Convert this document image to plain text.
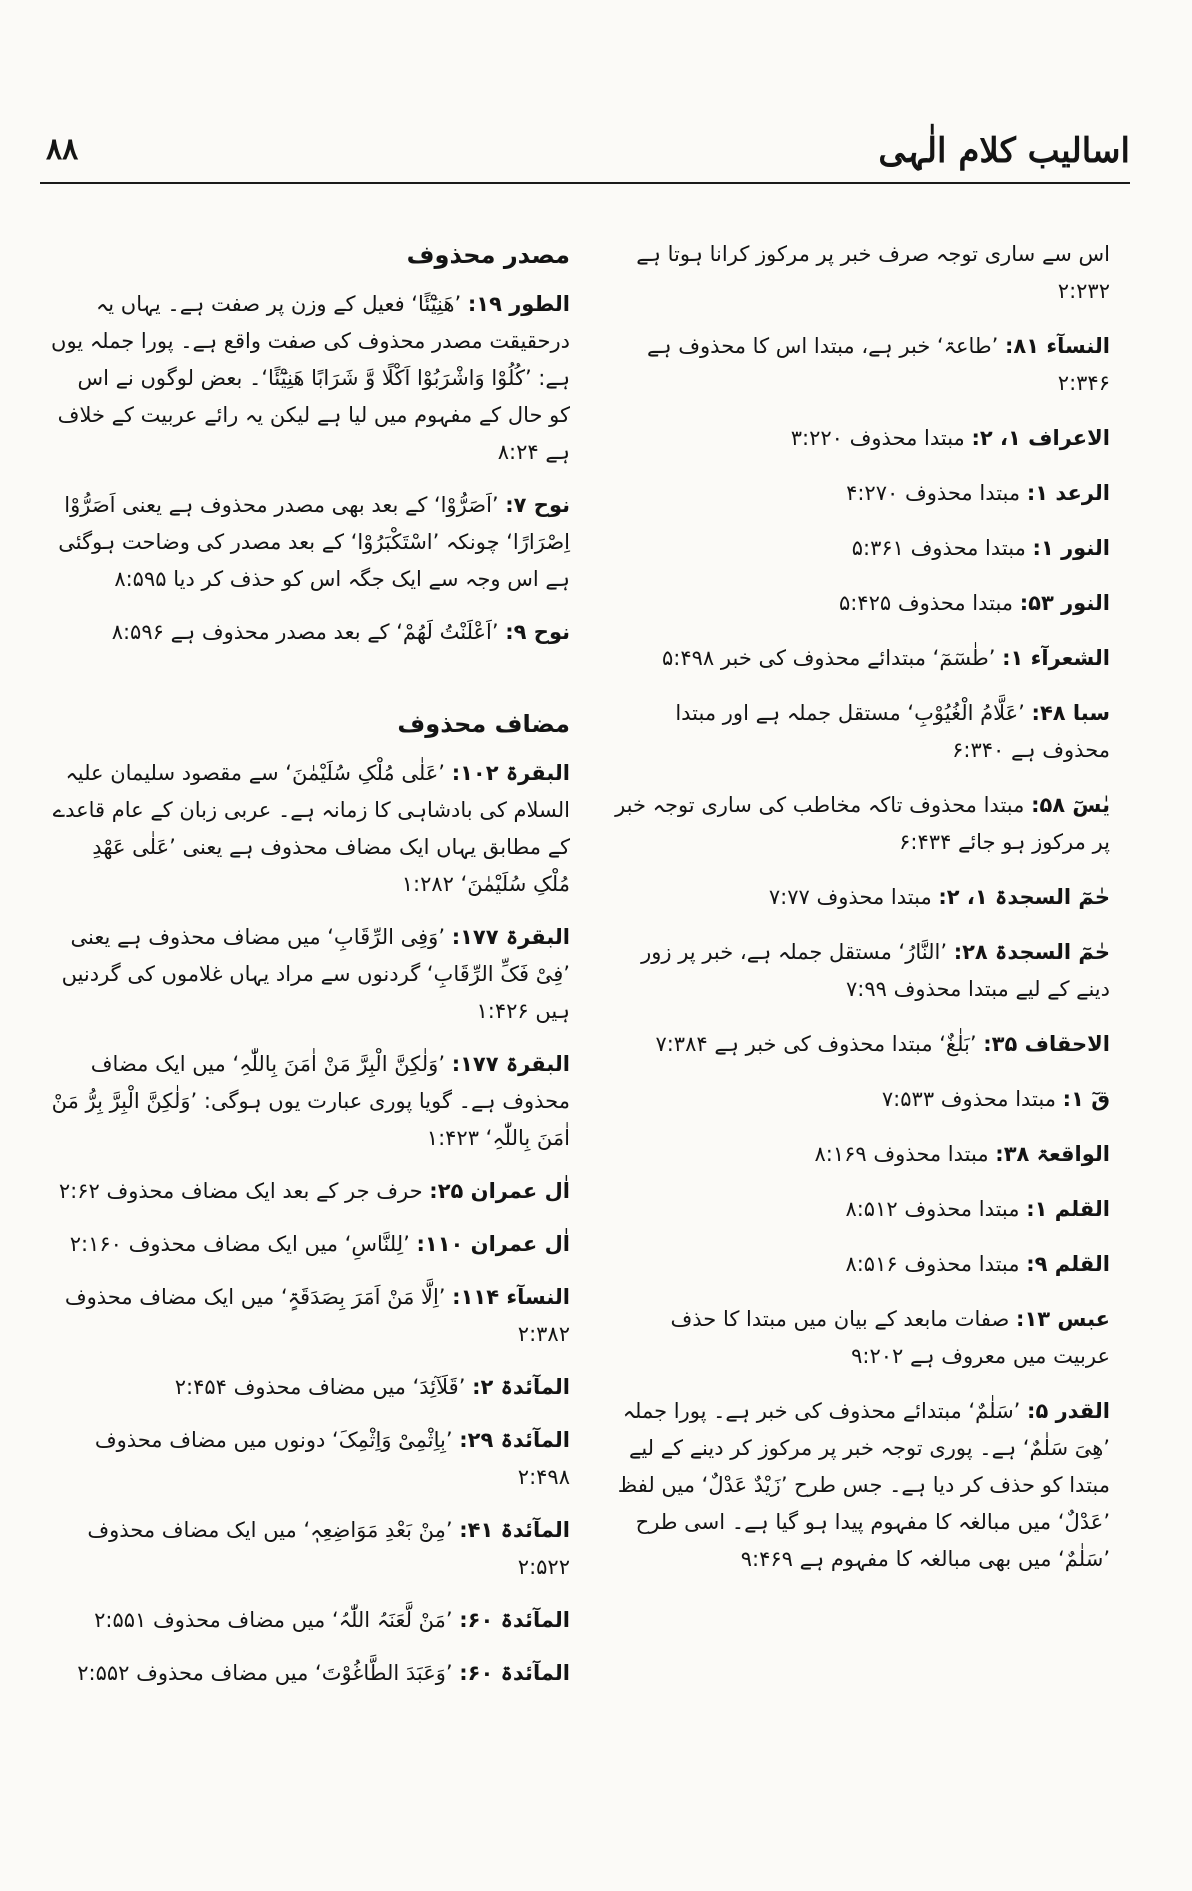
اسالیب کلام الٰہی
۸۸

اس سے ساری توجہ صرف خبر پر مرکوز کرانا ہوتا ہے ۲:۲۳۲

النسآء ۸۱: ’طاعۃ‘ خبر ہے، مبتدا اس کا محذوف ہے ۲:۳۴۶

الاعراف ۱، ۲: مبتدا محذوف ۳:۲۲۰

الرعد ۱: مبتدا محذوف ۴:۲۷۰

النور ۱: مبتدا محذوف ۵:۳۶۱

النور ۵۳: مبتدا محذوف ۵:۴۲۵

الشعرآء ۱: ’طٰسٓمٓ‘ مبتدائے محذوف کی خبر ۵:۴۹۸

سبا ۴۸: ’عَلَّامُ الْغُیُوْبِ‘ مستقل جملہ ہے اور مبتدا محذوف ہے ۶:۳۴۰

یٰسٓ ۵۸: مبتدا محذوف تاکہ مخاطب کی ساری توجہ خبر پر مرکوز ہو جائے ۶:۴۳۴

حٰمٓ السجدۃ ۱، ۲: مبتدا محذوف ۷:۷۷

حٰمٓ السجدۃ ۲۸: ’النَّارُ‘ مستقل جملہ ہے، خبر پر زور دینے کے لیے مبتدا محذوف ۷:۹۹

الاحقاف ۳۵: ’بَلٰغٌ‘ مبتدا محذوف کی خبر ہے ۷:۳۸۴

قٓ ۱: مبتدا محذوف ۷:۵۳۳

الواقعۃ ۳۸: مبتدا محذوف ۸:۱۶۹

القلم ۱: مبتدا محذوف ۸:۵۱۲

القلم ۹: مبتدا محذوف ۸:۵۱۶

عبس ۱۳: صفات مابعد کے بیان میں مبتدا کا حذف عربیت میں معروف ہے ۹:۲۰۲

القدر ۵: ’سَلٰمٌ‘ مبتدائے محذوف کی خبر ہے۔ پورا جملہ ’ھِیَ سَلٰمٌ‘ ہے۔ پوری توجہ خبر پر مرکوز کر دینے کے لیے مبتدا کو حذف کر دیا ہے۔ جس طرح ’زَیْدٌ عَدْلٌ‘ میں لفظ ’عَدْلٌ‘ میں مبالغہ کا مفہوم پیدا ہو گیا ہے۔ اسی طرح ’سَلٰمٌ‘ میں بھی مبالغہ کا مفہوم ہے ۹:۴۶۹

مصدر محذوف

الطور ۱۹: ’ھَنِیْٓئًا‘ فعیل کے وزن پر صفت ہے۔ یہاں یہ درحقیقت مصدر محذوف کی صفت واقع ہے۔ پورا جملہ یوں ہے: ’کُلُوْا وَاشْرَبُوْا اَکْلًا وَّ شَرَابًا ھَنِیْٓئًا‘۔ بعض لوگوں نے اس کو حال کے مفہوم میں لیا ہے لیکن یہ رائے عربیت کے خلاف ہے ۸:۲۴

نوح ۷: ’اَصَرُّوْا‘ کے بعد بھی مصدر محذوف ہے یعنی اَصَرُّوْا اِصْرَارًا‘ چونکہ ’اسْتَکْبَرُوْا‘ کے بعد مصدر کی وضاحت ہوگئی ہے اس وجہ سے ایک جگہ اس کو حذف کر دیا ۸:۵۹۵

نوح ۹: ’اَعْلَنْتُ لَھُمْ‘ کے بعد مصدر محذوف ہے ۸:۵۹۶

مضاف محذوف

البقرۃ ۱۰۲: ’عَلٰی مُلْکِ سُلَیْمٰنَ‘ سے مقصود سلیمان علیہ السلام کی بادشاہی کا زمانہ ہے۔ عربی زبان کے عام قاعدے کے مطابق یہاں ایک مضاف محذوف ہے یعنی ’عَلٰی عَھْدِ مُلْکِ سُلَیْمٰنَ‘ ۱:۲۸۲

البقرۃ ۱۷۷: ’وَفِی الرِّقَابِ‘ میں مضاف محذوف ہے یعنی ’فِیْ فَکِّ الرِّقَابِ‘ گردنوں سے مراد یہاں غلاموں کی گردنیں ہیں ۱:۴۲۶

البقرۃ ۱۷۷: ’وَلٰکِنَّ الْبِرَّ مَنْ اٰمَنَ بِاللّٰہِ‘ میں ایک مضاف محذوف ہے۔ گویا پوری عبارت یوں ہوگی: ’وَلٰکِنَّ الْبِرَّ بِرُّ مَنْ اٰمَنَ بِاللّٰہِ‘ ۱:۴۲۳

اٰل عمران ۲۵: حرف جر کے بعد ایک مضاف محذوف ۲:۶۲

اٰل عمران ۱۱۰: ’لِلنَّاسِ‘ میں ایک مضاف محذوف ۲:۱۶۰

النسآء ۱۱۴: ’اِلَّا مَنْ اَمَرَ بِصَدَقَۃٍ‘ میں ایک مضاف محذوف ۲:۳۸۲

المآئدۃ ۲: ’قَلَآئِدَ‘ میں مضاف محذوف ۲:۴۵۴

المآئدۃ ۲۹: ’بِاِثْمِیْ وَاِثْمِکَ‘ دونوں میں مضاف محذوف ۲:۴۹۸

المآئدۃ ۴۱: ’مِنْ بَعْدِ مَوَاضِعِہٖ‘ میں ایک مضاف محذوف ۲:۵۲۲

المآئدۃ ۶۰: ’مَنْ لَّعَنَہُ اللّٰہُ‘ میں مضاف محذوف ۲:۵۵۱

المآئدۃ ۶۰: ’وَعَبَدَ الطَّاغُوْتَ‘ میں مضاف محذوف ۲:۵۵۲
